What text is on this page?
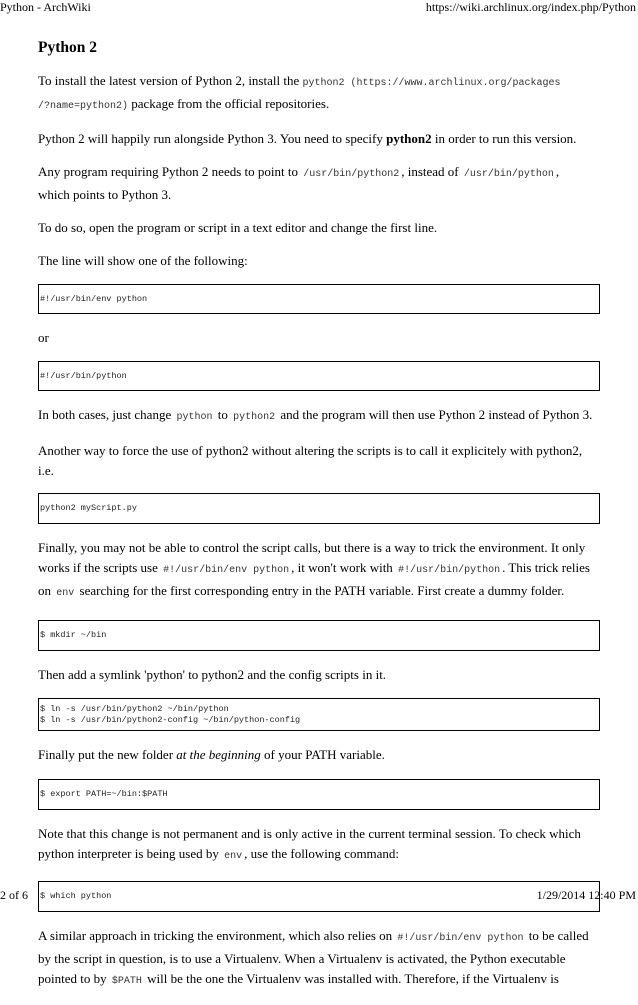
Python - ArchWiki	https://wiki.archlinux.org/index.php/Python
Python 2

To install the latest version of Python 2, install the python2 (https://www.archlinux.org/packages
/?name=python2) package from the official repositories.

Python 2 will happily run alongside Python 3. You need to specify python2 in order to run this version.

Any program requiring Python 2 needs to point to /usr/bin/python2 , instead of /usr/bin/python ,
which points to Python 3.

To do so, open the program or script in a text editor and change the first line.

The line will show one of the following:

#!/usr/bin/env python

or

#!/usr/bin/python

In both cases, just change python to python2 and the program will then use Python 2 instead of Python 3.

Another way to force the use of python2 without altering the scripts is to call it explicitely with python2, i.e.

python2 myScript.py

Finally, you may not be able to control the script calls, but there is a way to trick the environment. It only works if the scripts use #!/usr/bin/env python , it won't work with #!/usr/bin/python . This trick relies on env searching for the first corresponding entry in the PATH variable. First create a dummy folder.

$ mkdir ~/bin

Then add a symlink 'python' to python2 and the config scripts in it.

$ ln -s /usr/bin/python2 ~/bin/python
$ ln -s /usr/bin/python2-config ~/bin/python-config

Finally put the new folder at the beginning of your PATH variable.

$ export PATH=~/bin:$PATH

Note that this change is not permanent and is only active in the current terminal session. To check which python interpreter is being used by env , use the following command:

$ which python

A similar approach in tricking the environment, which also relies on #!/usr/bin/env python to be called by the script in question, is to use a Virtualenv. When a Virtualenv is activated, the Python executable pointed to by $PATH will be the one the Virtualenv was installed with. Therefore, if the Virtualenv is

2 of 6	1/29/2014 12:40 PM
